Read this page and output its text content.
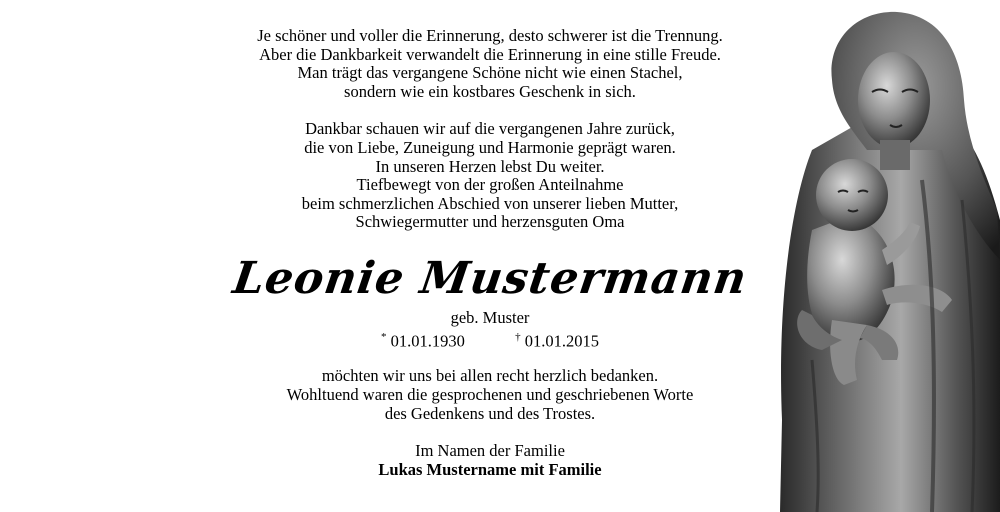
Je schöner und voller die Erinnerung, desto schwerer ist die Trennung.
Aber die Dankbarkeit verwandelt die Erinnerung in eine stille Freude.
Man trägt das vergangene Schöne nicht wie einen Stachel,
sondern wie ein kostbares Geschenk in sich.
Dankbar schauen wir auf die vergangenen Jahre zurück,
die von Liebe, Zuneigung und Harmonie geprägt waren.
In unseren Herzen lebst Du weiter.
Tiefbewegt von der großen Anteilnahme
beim schmerzlichen Abschied von unserer lieben Mutter,
Schwiegermutter und herzensguten Oma
Leonie Mustermann
geb. Muster
* 01.01.1930	† 01.01.2015
möchten wir uns bei allen recht herzlich bedanken.
Wohltuend waren die gesprochenen und geschriebenen Worte
des Gedenkens und des Trostes.
Im Namen der Familie
Lukas Mustername mit Familie
